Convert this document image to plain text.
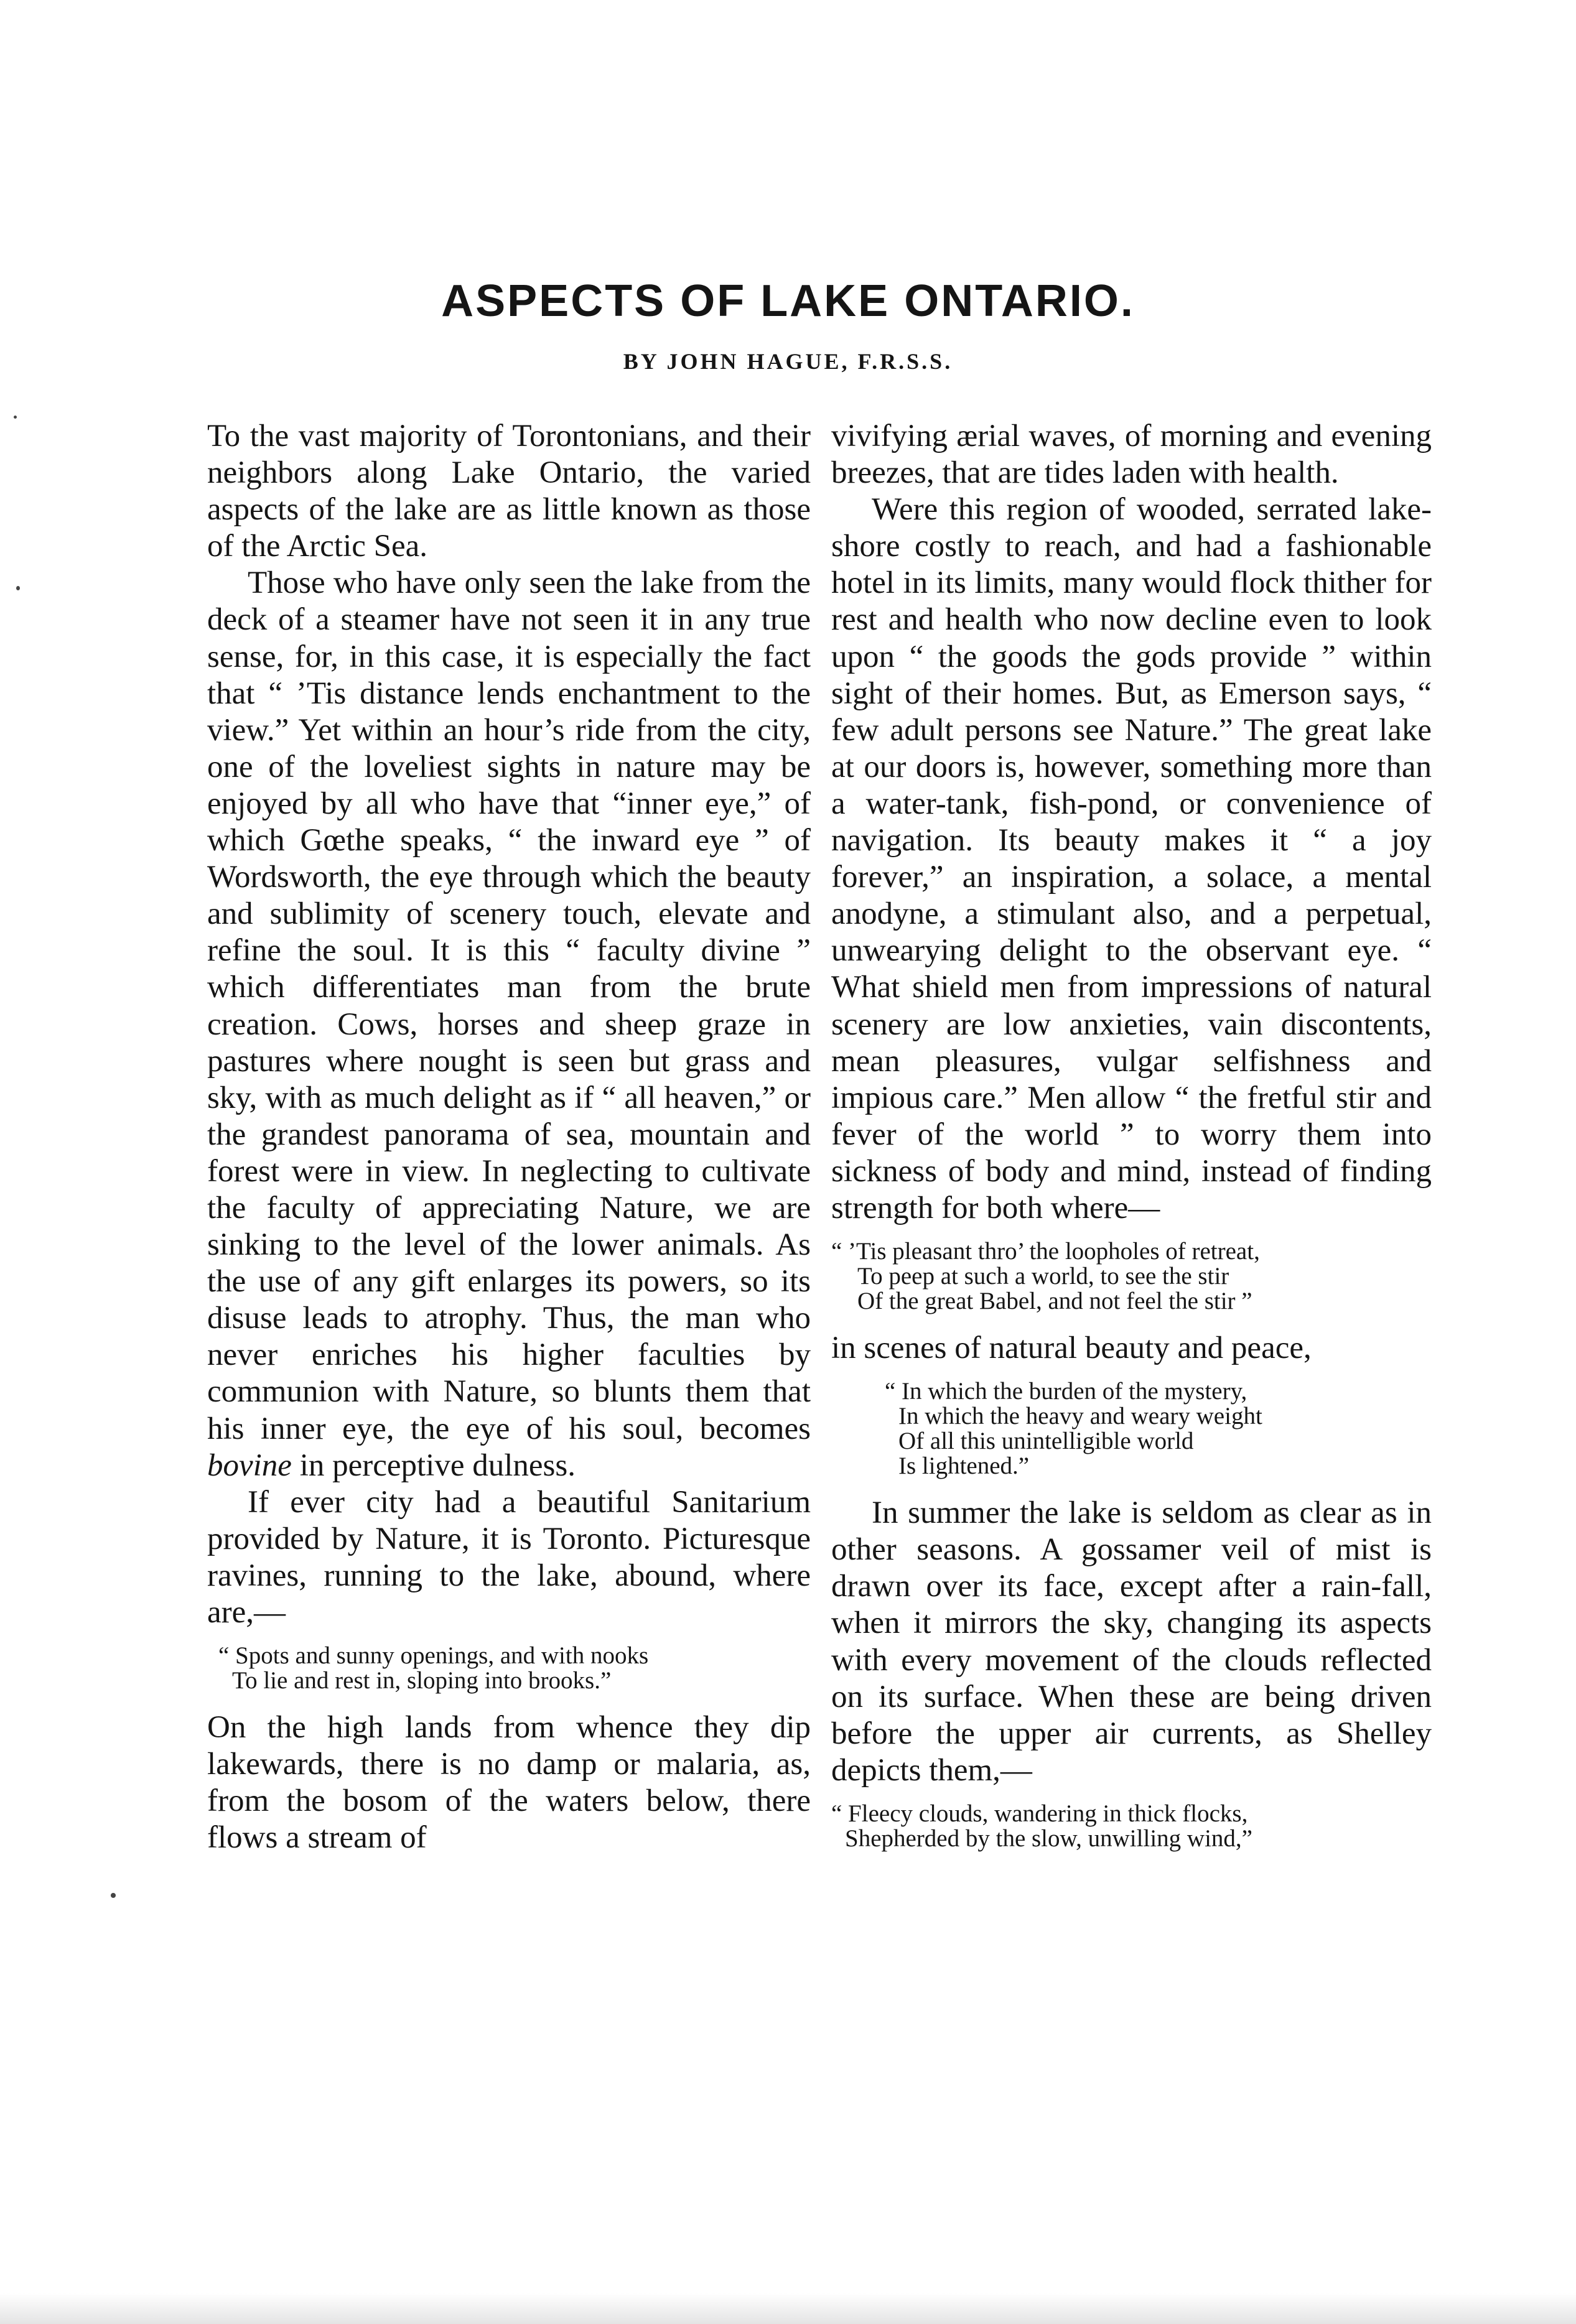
ASPECTS OF LAKE ONTARIO.
BY JOHN HAGUE, F.R.S.S.

To the vast majority of Torontonians, and their neighbors along Lake Ontario, the varied aspects of the lake are as little known as those of the Arctic Sea.

Those who have only seen the lake from the deck of a steamer have not seen it in any true sense, for, in this case, it is especially the fact that “ ’Tis distance lends enchantment to the view.” Yet within an hour’s ride from the city, one of the loveliest sights in nature may be enjoyed by all who have that “inner eye,” of which Gœthe speaks, “ the inward eye ” of Wordsworth, the eye through which the beauty and sublimity of scenery touch, elevate and refine the soul. It is this “ faculty divine ” which differentiates man from the brute creation. Cows, horses and sheep graze in pastures where nought is seen but grass and sky, with as much delight as if “ all heaven,” or the grandest panorama of sea, mountain and forest were in view. In neglecting to cultivate the faculty of appreciating Nature, we are sinking to the level of the lower animals. As the use of any gift enlarges its powers, so its disuse leads to atrophy. Thus, the man who never enriches his higher faculties by communion with Nature, so blunts them that his inner eye, the eye of his soul, becomes bovine in perceptive dulness.

If ever city had a beautiful Sanitarium provided by Nature, it is Toronto. Picturesque ravines, running to the lake, abound, where are,—

“ Spots and sunny openings, and with nooks
To lie and rest in, sloping into brooks.”

On the high lands from whence they dip lakewards, there is no damp or malaria, as, from the bosom of the waters below, there flows a stream of

vivifying ærial waves, of morning and evening breezes, that are tides laden with health.

Were this region of wooded, serrated lake-shore costly to reach, and had a fashionable hotel in its limits, many would flock thither for rest and health who now decline even to look upon “ the goods the gods provide ” within sight of their homes. But, as Emerson says, “ few adult persons see Nature.” The great lake at our doors is, however, something more than a water-tank, fish-pond, or convenience of navigation. Its beauty makes it “ a joy forever,” an inspiration, a solace, a mental anodyne, a stimulant also, and a perpetual, unwearying delight to the observant eye. “ What shield men from impressions of natural scenery are low anxieties, vain discontents, mean pleasures, vulgar selfishness and impious care.” Men allow “ the fretful stir and fever of the world ” to worry them into sickness of body and mind, instead of finding strength for both where—

“ ’Tis pleasant thro’ the loopholes of retreat,
To peep at such a world, to see the stir
Of the great Babel, and not feel the stir ”

in scenes of natural beauty and peace,

“ In which the burden of the mystery,
In which the heavy and weary weight
Of all this unintelligible world
Is lightened.”

In summer the lake is seldom as clear as in other seasons. A gossamer veil of mist is drawn over its face, except after a rain-fall, when it mirrors the sky, changing its aspects with every movement of the clouds reflected on its surface. When these are being driven before the upper air currents, as Shelley depicts them,—

“ Fleecy clouds, wandering in thick flocks,
Shepherded by the slow, unwilling wind,”
